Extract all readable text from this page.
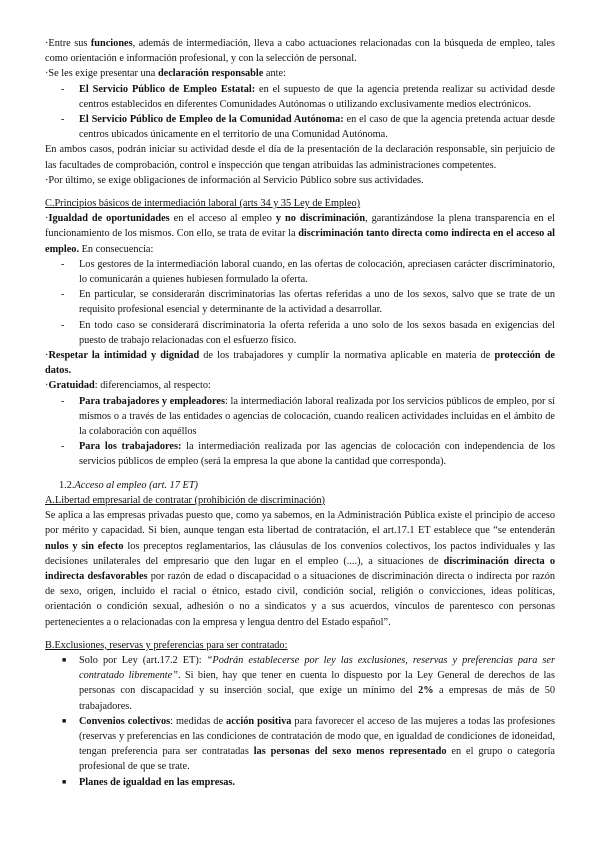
·Entre sus funciones, además de intermediación, lleva a cabo actuaciones relacionadas con la búsqueda de empleo, tales como orientación e información profesional, y con la selección de personal.

·Se les exige presentar una declaración responsable ante:

- El Servicio Público de Empleo Estatal: en el supuesto de que la agencia pretenda realizar su actividad desde centros establecidos en diferentes Comunidades Autónomas o utilizando exclusivamente medios electrónicos.
- El Servicio Público de Empleo de la Comunidad Autónoma: en el caso de que la agencia pretenda actuar desde centros ubicados únicamente en el territorio de una Comunidad Autónoma.

En ambos casos, podrán iniciar su actividad desde el día de la presentación de la declaración responsable, sin perjuicio de las facultades de comprobación, control e inspección que tengan atribuidas las administraciones competentes.

·Por último, se exige obligaciones de información al Servicio Público sobre sus actividades.

C.Principios básicos de intermediación laboral (arts 34 y 35 Ley de Empleo)

·Igualdad de oportunidades en el acceso al empleo y no discriminación, garantizándose la plena transparencia en el funcionamiento de los mismos. Con ello, se trata de evitar la discriminación tanto directa como indirecta en el acceso al empleo. En consecuencia:

- Los gestores de la intermediación laboral cuando, en las ofertas de colocación, apreciasen carácter discriminatorio, lo comunicarán a quienes hubiesen formulado la oferta.
- En particular, se considerarán discriminatorias las ofertas referidas a uno de los sexos, salvo que se trate de un requisito profesional esencial y determinante de la actividad a desarrollar.
- En todo caso se considerará discriminatoria la oferta referida a uno solo de los sexos basada en exigencias del puesto de trabajo relacionadas con el esfuerzo físico.

·Respetar la intimidad y dignidad de los trabajadores y cumplir la normativa aplicable en materia de protección de datos.

·Gratuidad: diferenciamos, al respecto:

- Para trabajadores y empleadores: la intermediación laboral realizada por los servicios públicos de empleo, por sí mismos o a través de las entidades o agencias de colocación, cuando realicen actividades incluidas en el ámbito de la colaboración con aquéllos
- Para los trabajadores: la intermediación realizada por las agencias de colocación con independencia de los servicios públicos de empleo (será la empresa la que abone la cantidad que corresponda).

1.2.Acceso al empleo (art. 17 ET)

A.Libertad empresarial de contratar (prohibición de discriminación)

Se aplica a las empresas privadas puesto que, como ya sabemos, en la Administración Pública existe el principio de acceso por mérito y capacidad. Si bien, aunque tengan esta libertad de contratación, el art.17.1 ET establece que “se entenderán nulos y sin efecto los preceptos reglamentarios, las cláusulas de los convenios colectivos, los pactos individuales y las decisiones unilaterales del empresario que den lugar en el empleo (....), a situaciones de discriminación directa o indirecta desfavorables por razón de edad o discapacidad o a situaciones de discriminación directa o indirecta por razón de sexo, origen, incluido el racial o étnico, estado civil, condición social, religión o convicciones, ideas políticas, orientación o condición sexual, adhesión o no a sindicatos y a sus acuerdos, vínculos de parentesco con personas pertenecientes a o relacionadas con la empresa y lengua dentro del Estado español”.

B.Exclusiones, reservas y preferencias para ser contratado:

■ Solo por Ley (art.17.2 ET): “Podrán establecerse por ley las exclusiones, reservas y preferencias para ser contratado libremente”. Si bien, hay que tener en cuenta lo dispuesto por la Ley General de derechos de las personas con discapacidad y su inserción social, que exige un mínimo del 2% a empresas de más de 50 trabajadores.
■ Convenios colectivos: medidas de acción positiva para favorecer el acceso de las mujeres a todas las profesiones (reservas y preferencias en las condiciones de contratación de modo que, en igualdad de condiciones de idoneidad, tengan preferencia para ser contratadas las personas del sexo menos representado en el grupo o categoría profesional de que se trate.
■ Planes de igualdad en las empresas.
